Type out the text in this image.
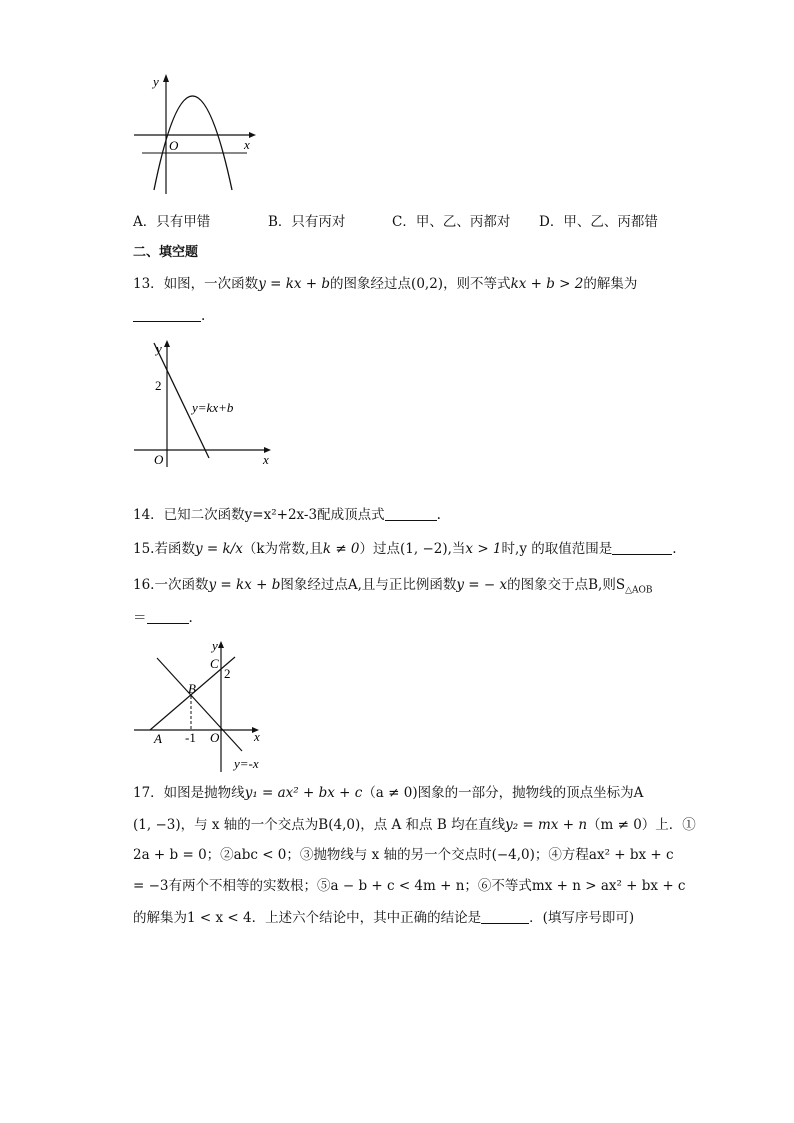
y
x
O
A．只有甲错	B．只有丙对	C．甲、乙、丙都对 D．甲、乙、丙都错
二、填空题
13．如图，一次函数y = kx + b的图象经过点(0,2)，则不等式kx + b > 2的解集为
.
y
x
O
2
y=kx+b
14．已知二次函数y=x²+2x-3配成顶点式	.
15.若函数y = k/x（k为常数,且k ≠ 0）过点(1, −2),当x > 1时,y 的取值范围是	.
16.一次函数y = kx + b图象经过点A,且与正比例函数y = − x的图象交于点B,则$S_{\triangle AOB}$
＝	.
y
x
O
C
B
A
2
-1
y=-x
17．如图是抛物线y₁ = ax² + bx + c（a ≠ 0)图象的一部分，抛物线的顶点坐标为A
(1, −3)，与 x 轴的一个交点为B(4,0)，点 A 和点 B 均在直线y₂ = mx + n（m ≠ 0）上．①
2a + b = 0；②abc < 0；③抛物线与 x 轴的另一个交点时(−4,0)；④方程ax² + bx + c
= −3有两个不相等的实数根；⑤a − b + c < 4m + n；⑥不等式mx + n > ax² + bx + c
的解集为1 < x < 4．上述六个结论中，其中正确的结论是	．(填写序号即可)
